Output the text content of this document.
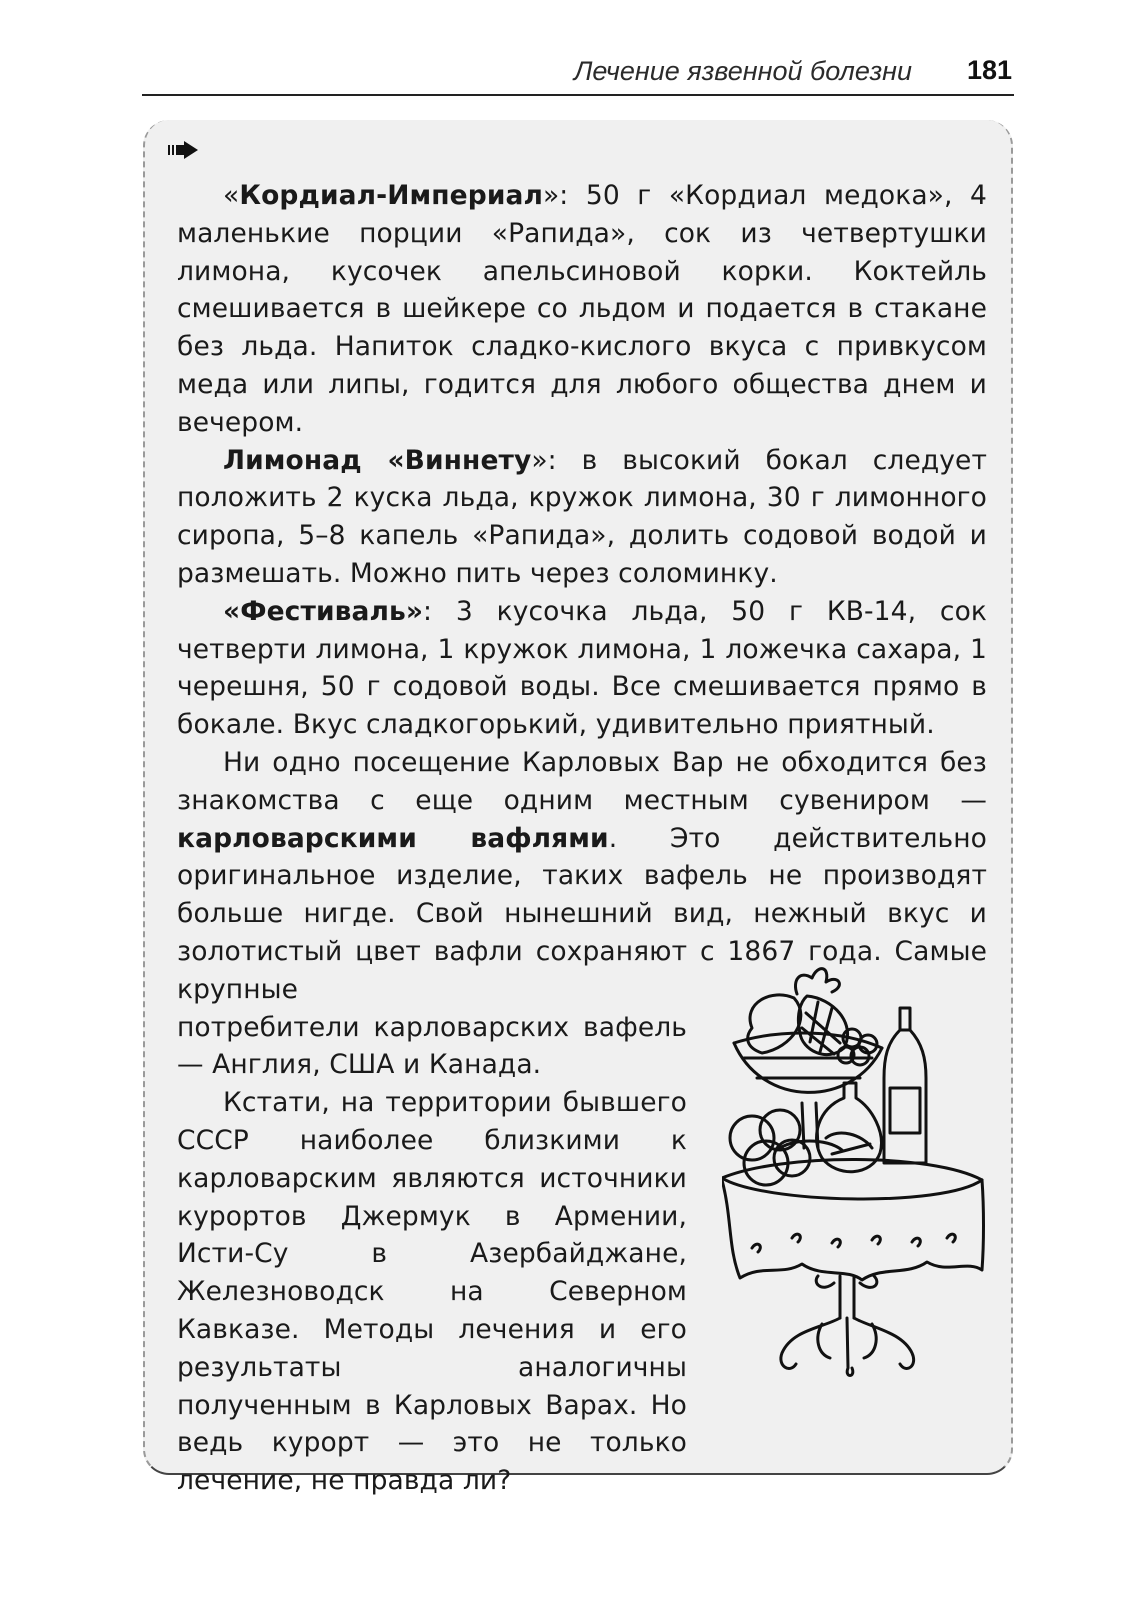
Лечение язвенной болезни 181

«Кордиал-Империал»: 50 г «Кордиал медока», 4 маленькие порции «Рапида», сок из четвертушки лимона, кусочек апельсиновой корки. Коктейль смешивается в шейкере со льдом и подается в стакане без льда. Напиток сладко-кислого вкуса с привкусом меда или липы, годится для любого общества днем и вечером.

Лимонад «Виннету»: в высокий бокал следует положить 2 куска льда, кружок лимона, 30 г лимонного сиропа, 5–8 капель «Рапида», долить содовой водой и размешать. Можно пить через соломинку.

«Фестиваль»: 3 кусочка льда, 50 г КВ-14, сок четверти лимона, 1 кружок лимона, 1 ложечка сахара, 1 черешня, 50 г содовой воды. Все смешивается прямо в бокале. Вкус сладкогорький, удивительно приятный.

Ни одно посещение Карловых Вар не обходится без знакомства с еще одним местным сувениром — карловарскими вафлями. Это действительно оригинальное изделие, таких вафель не производят больше нигде. Свой нынешний вид, нежный вкус и золотистый цвет вафли сохраняют с 1867 года. Самые крупные

потребители карловарских вафель — Англия, США и Канада.

Кстати, на территории бывшего СССР наиболее близкими к карловарским являются источники курортов Джермук в Армении, Исти-Су в Азербайджане, Железноводск на Северном Кавказе. Методы лечения и его результаты аналогичны полученным в Карловых Варах. Но ведь курорт — это не только лечение, не правда ли?
